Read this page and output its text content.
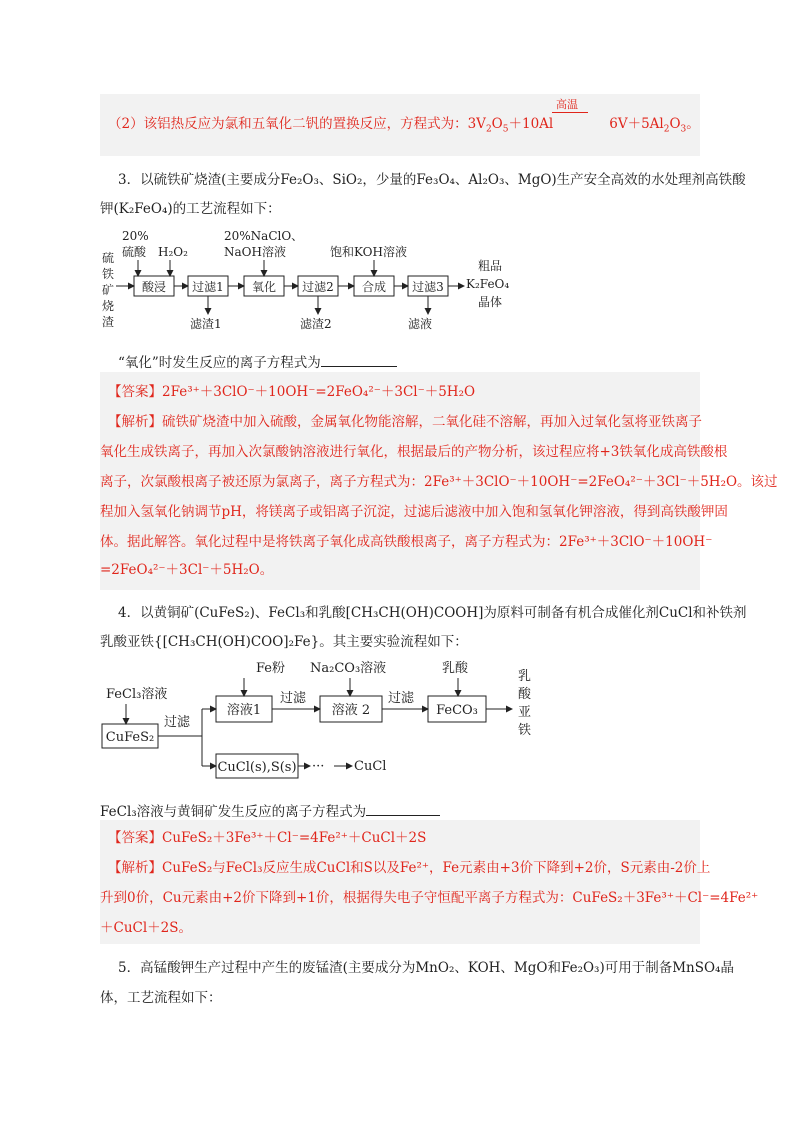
（2）该铝热反应为氯和五氧化二钒的置换反应，方程式为：$3V_2O_5+10Al$	$6V+5Al_2O_3$。
高温
3．以硫铁矿烧渣(主要成分Fe₂O₃、SiO₂，少量的Fe₃O₄、Al₂O₃、MgO)生产安全高效的水处理剂高铁酸
钾(K₂FeO₄)的工艺流程如下：
硫
铁
矿
烧
渣
20%
硫酸 H₂O₂
20%NaClO、
NaOH溶液	饱和KOH溶液
粗品
K₂FeO₄
晶体
滤渣1	滤渣2	滤液
酸浸 过滤1 氧化 过滤2 合成 过滤3
“氧化”时发生反应的离子方程式为
【答案】2Fe³⁺＋3ClO⁻＋10OH⁻=2FeO₄²⁻＋3Cl⁻＋5H₂O
【解析】硫铁矿烧渣中加入硫酸，金属氧化物能溶解，二氧化硅不溶解，再加入过氧化氢将亚铁离子
氧化生成铁离子，再加入次氯酸钠溶液进行氧化，根据最后的产物分析，该过程应将+3铁氧化成高铁酸根
离子，次氯酸根离子被还原为氯离子，离子方程式为：2Fe³⁺＋3ClO⁻＋10OH⁻=2FeO₄²⁻＋3Cl⁻＋5H₂O。该过
程加入氢氧化钠调节pH，将镁离子或铝离子沉淀，过滤后滤液中加入饱和氢氧化钾溶液，得到高铁酸钾固
体。据此解答。氧化过程中是将铁离子氧化成高铁酸根离子，离子方程式为：2Fe³⁺＋3ClO⁻＋10OH⁻
=2FeO₄²⁻＋3Cl⁻＋5H₂O。
4．以黄铜矿(CuFeS₂)、FeCl₃和乳酸[CH₃CH(OH)COOH]为原料可制备有机合成催化剂CuCl和补铁剂
乳酸亚铁{[CH₃CH(OH)COO]₂Fe}。其主要实验流程如下：
FeCl₃溶液
过滤
Fe粉
过滤
Na₂CO₃溶液
过滤
乳酸
乳
酸
亚
铁
··· CuCl
CuFeS₂
溶液1	溶液 2	FeCO₃
CuCl(s),S(s)
FeCl₃溶液与黄铜矿发生反应的离子方程式为
【答案】CuFeS₂＋3Fe³⁺＋Cl⁻=4Fe²⁺＋CuCl＋2S
【解析】CuFeS₂与FeCl₃反应生成CuCl和S以及Fe²⁺，Fe元素由+3价下降到+2价，S元素由-2价上
升到0价，Cu元素由+2价下降到+1价，根据得失电子守恒配平离子方程式为：CuFeS₂＋3Fe³⁺＋Cl⁻=4Fe²⁺
＋CuCl＋2S。
5．高锰酸钾生产过程中产生的废锰渣(主要成分为MnO₂、KOH、MgO和Fe₂O₃)可用于制备MnSO₄晶
体，工艺流程如下：
